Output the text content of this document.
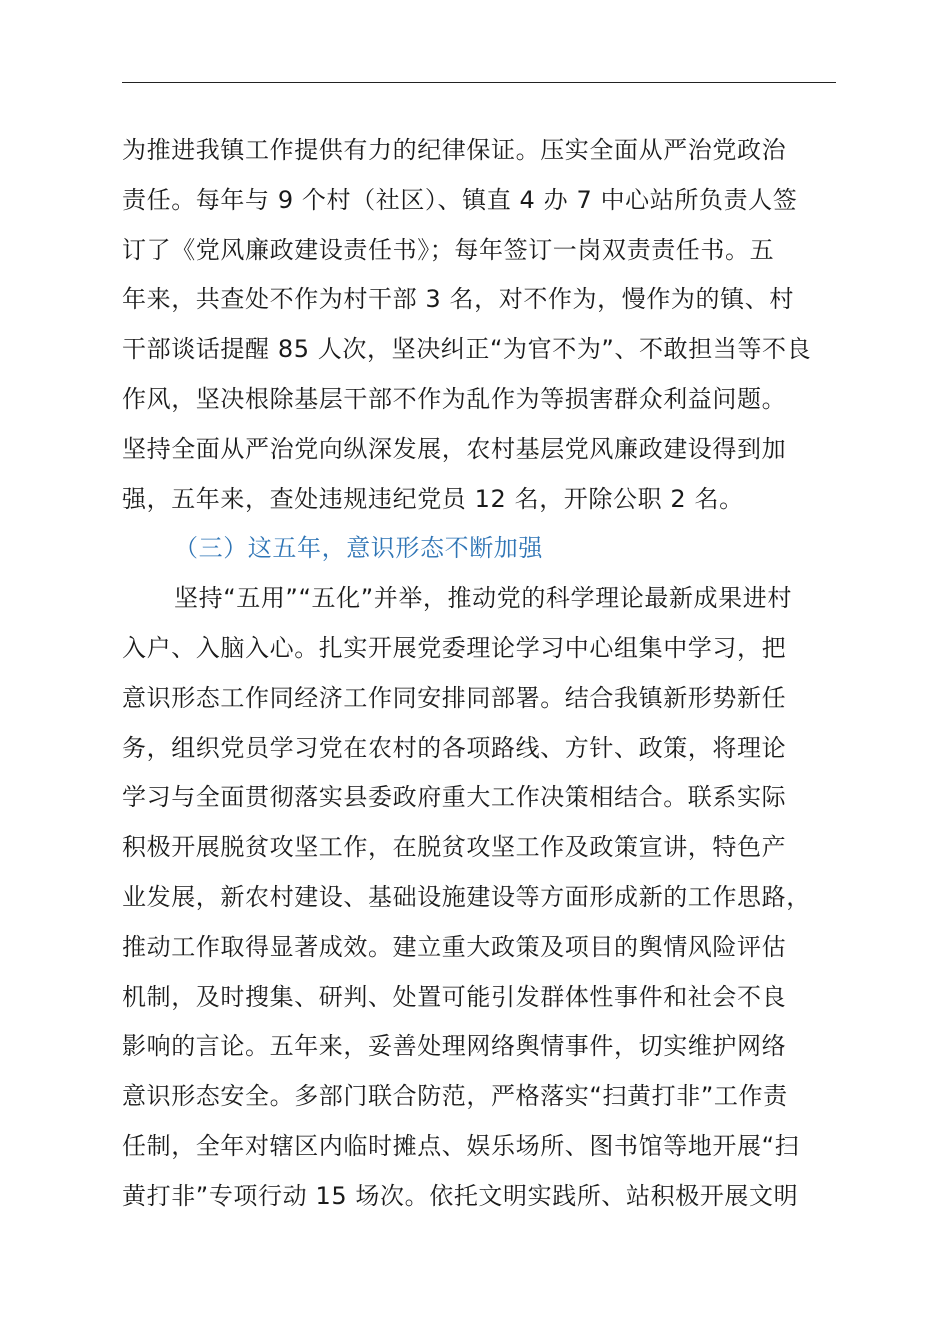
为推进我镇工作提供有力的纪律保证。压实全面从严治党政治
责任。每年与 9 个村（社区）、镇直 4 办 7 中心站所负责人签
订了《党风廉政建设责任书》；每年签订一岗双责责任书。五
年来，共查处不作为村干部 3 名，对不作为，慢作为的镇、村
干部谈话提醒 85 人次，坚决纠正“为官不为”、不敢担当等不良
作风，坚决根除基层干部不作为乱作为等损害群众利益问题。
坚持全面从严治党向纵深发展，农村基层党风廉政建设得到加
强，五年来，查处违规违纪党员 12 名，开除公职 2 名。
（三）这五年，意识形态不断加强
坚持“五用”“五化”并举，推动党的科学理论最新成果进村
入户、入脑入心。扎实开展党委理论学习中心组集中学习，把
意识形态工作同经济工作同安排同部署。结合我镇新形势新任
务，组织党员学习党在农村的各项路线、方针、政策，将理论
学习与全面贯彻落实县委政府重大工作决策相结合。联系实际
积极开展脱贫攻坚工作，在脱贫攻坚工作及政策宣讲，特色产
业发展，新农村建设、基础设施建设等方面形成新的工作思路，
推动工作取得显著成效。建立重大政策及项目的舆情风险评估
机制，及时搜集、研判、处置可能引发群体性事件和社会不良
影响的言论。五年来，妥善处理网络舆情事件，切实维护网络
意识形态安全。多部门联合防范，严格落实“扫黄打非”工作责
任制，全年对辖区内临时摊点、娱乐场所、图书馆等地开展“扫
黄打非”专项行动 15 场次。依托文明实践所、站积极开展文明
